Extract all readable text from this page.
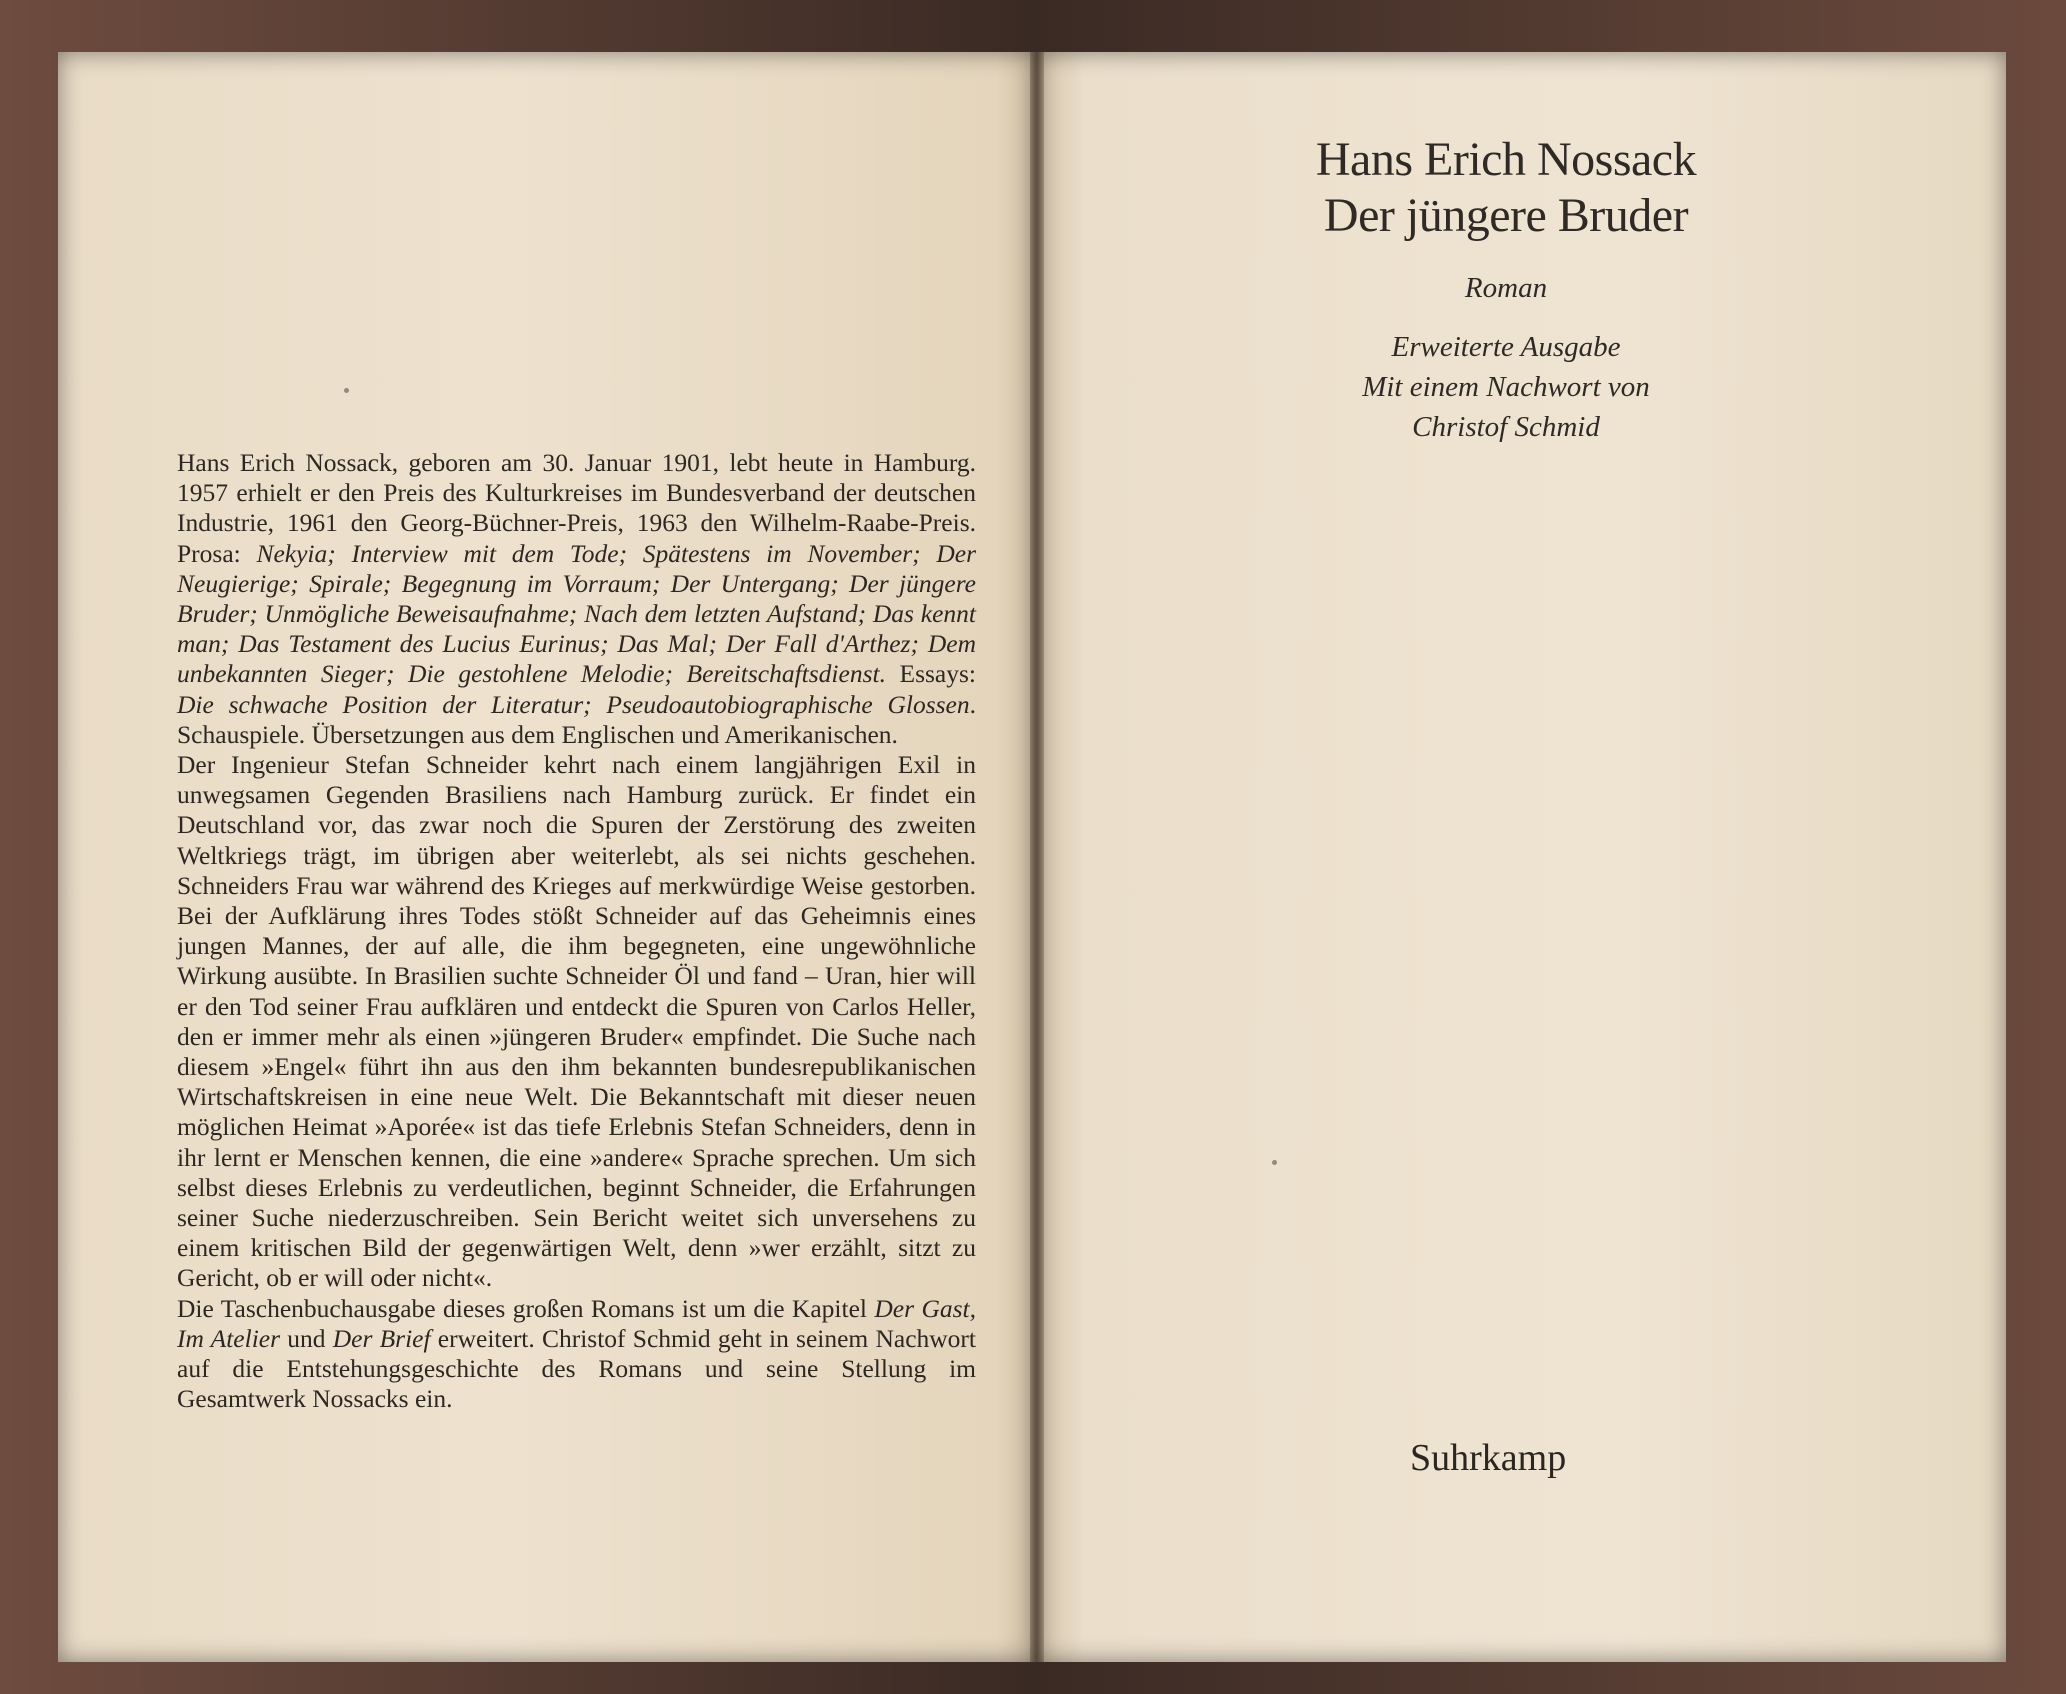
Hans Erich Nossack, geboren am 30. Januar 1901, lebt heute in Hamburg. 1957 erhielt er den Preis des Kulturkreises im Bundesverband der deutschen Industrie, 1961 den Georg-Büchner-Preis, 1963 den Wilhelm-Raabe-Preis. Prosa: Nekyia; Interview mit dem Tode; Spätestens im November; Der Neugierige; Spirale; Begegnung im Vorraum; Der Untergang; Der jüngere Bruder; Unmögliche Beweisaufnahme; Nach dem letzten Aufstand; Das kennt man; Das Testament des Lucius Eurinus; Das Mal; Der Fall d'Arthez; Dem unbekannten Sieger; Die gestohlene Melodie; Bereitschaftsdienst. Essays: Die schwache Position der Literatur; Pseudoautobiographische Glossen. Schauspiele. Übersetzungen aus dem Englischen und Amerikanischen.

Der Ingenieur Stefan Schneider kehrt nach einem langjährigen Exil in unwegsamen Gegenden Brasiliens nach Hamburg zurück. Er findet ein Deutschland vor, das zwar noch die Spuren der Zerstörung des zweiten Weltkriegs trägt, im übrigen aber weiterlebt, als sei nichts geschehen. Schneiders Frau war während des Krieges auf merkwürdige Weise gestorben. Bei der Aufklärung ihres Todes stößt Schneider auf das Geheimnis eines jungen Mannes, der auf alle, die ihm begegneten, eine ungewöhnliche Wirkung ausübte. In Brasilien suchte Schneider Öl und fand – Uran, hier will er den Tod seiner Frau aufklären und entdeckt die Spuren von Carlos Heller, den er immer mehr als einen »jüngeren Bruder« empfindet. Die Suche nach diesem »Engel« führt ihn aus den ihm bekannten bundesrepublikanischen Wirtschaftskreisen in eine neue Welt. Die Bekanntschaft mit dieser neuen möglichen Heimat »Aporée« ist das tiefe Erlebnis Stefan Schneiders, denn in ihr lernt er Menschen kennen, die eine »andere« Sprache sprechen. Um sich selbst dieses Erlebnis zu verdeutlichen, beginnt Schneider, die Erfahrungen seiner Suche niederzuschreiben. Sein Bericht weitet sich unversehens zu einem kritischen Bild der gegenwärtigen Welt, denn »wer erzählt, sitzt zu Gericht, ob er will oder nicht«.

Die Taschenbuchausgabe dieses großen Romans ist um die Kapitel Der Gast, Im Atelier und Der Brief erweitert. Christof Schmid geht in seinem Nachwort auf die Entstehungsgeschichte des Romans und seine Stellung im Gesamtwerk Nossacks ein.

Hans Erich Nossack
Der jüngere Bruder
Roman
Erweiterte Ausgabe
Mit einem Nachwort von
Christof Schmid
Suhrkamp
